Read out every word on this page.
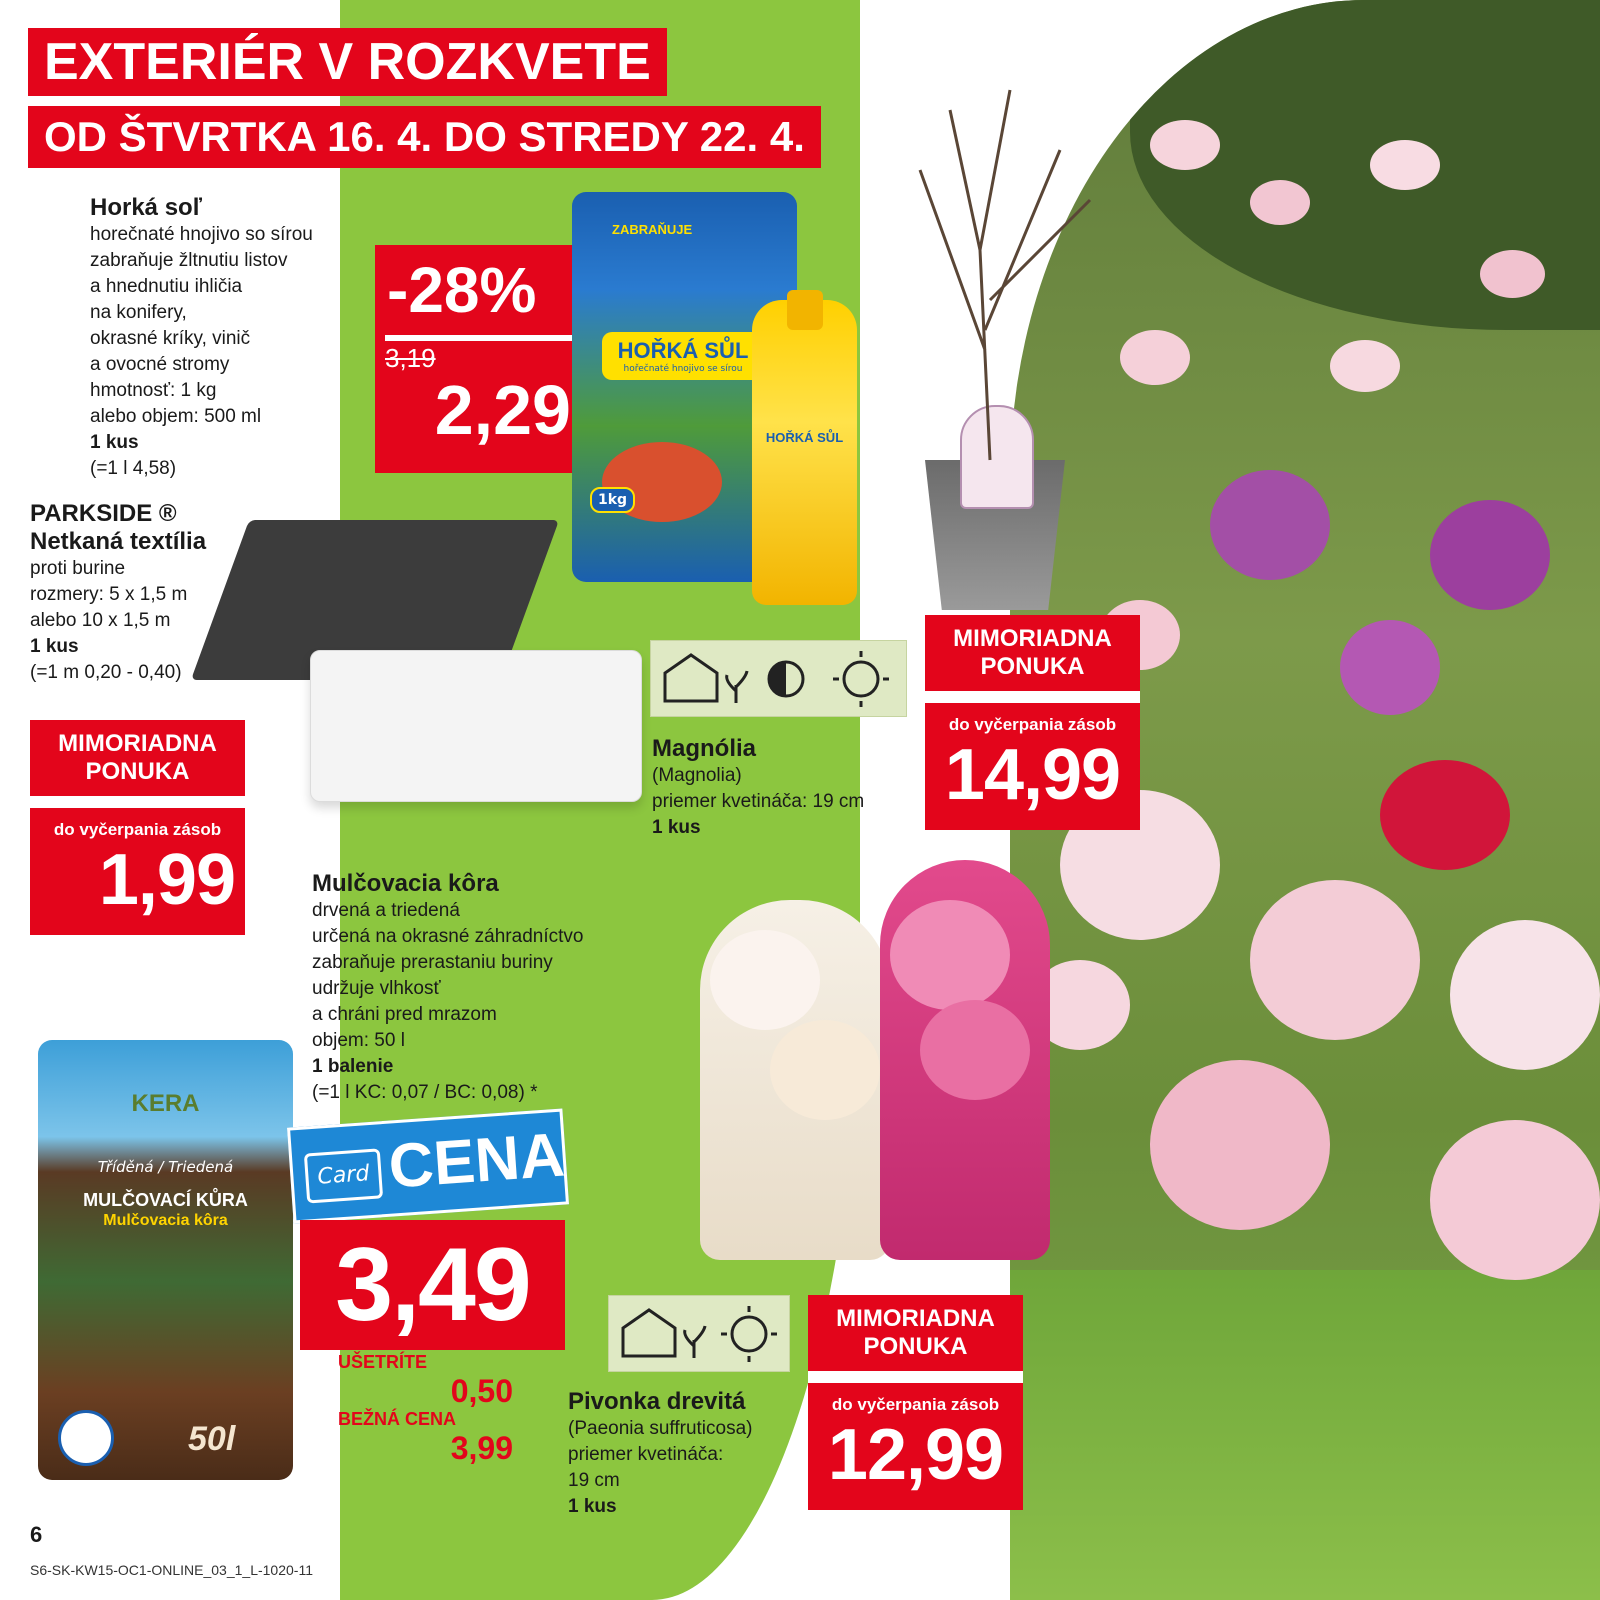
EXTERIÉR V ROZKVETE
OD ŠTVRTKA 16. 4. DO STREDY 22. 4.
Horká soľ
horečnaté hnojivo so sírou
zabraňuje žltnutiu listov
a hnednutiu ihličia
na konifery,
okrasné kríky, vinič
a ovocné stromy
hmotnosť: 1 kg
alebo objem: 500 ml
1 kus
(=1 l 4,58)
-28%
3,19
2,29
ZABRAŇUJE
HOŘKÁ SŮL
hořečnaté hnojivo se sírou
1kg
HOŘKÁ SŮL
PARKSIDE ®
Netkaná textília
proti burine
rozmery: 5 x 1,5 m
alebo 10 x 1,5 m
1 kus
(=1 m 0,20 - 0,40)
MIMORIADNA
PONUKA
do vyčerpania zásob
1,99
Magnólia
(Magnolia)
priemer kvetináča: 19 cm
1 kus
MIMORIADNA
PONUKA
do vyčerpania zásob
14,99
Mulčovacia kôra
drvená a triedená
určená na okrasné záhradníctvo
zabraňuje prerastaniu buriny
udržuje vlhkosť
a chráni pred mrazom
objem: 50 l
1 balenie
(=1 l KC: 0,07 / BC: 0,08) *
KERA
Tříděná / Triedená
MULČOVACÍ KŮRA
Mulčovacia kôra
50l
Card CENA
3,49
UŠETRÍTE
0,50
BEŽNÁ CENA
3,99
Pivonka drevitá
(Paeonia suffruticosa)
priemer kvetináča:
19 cm
1 kus
MIMORIADNA
PONUKA
do vyčerpania zásob
12,99
6
S6-SK-KW15-OC1-ONLINE_03_1_L-1020-11
